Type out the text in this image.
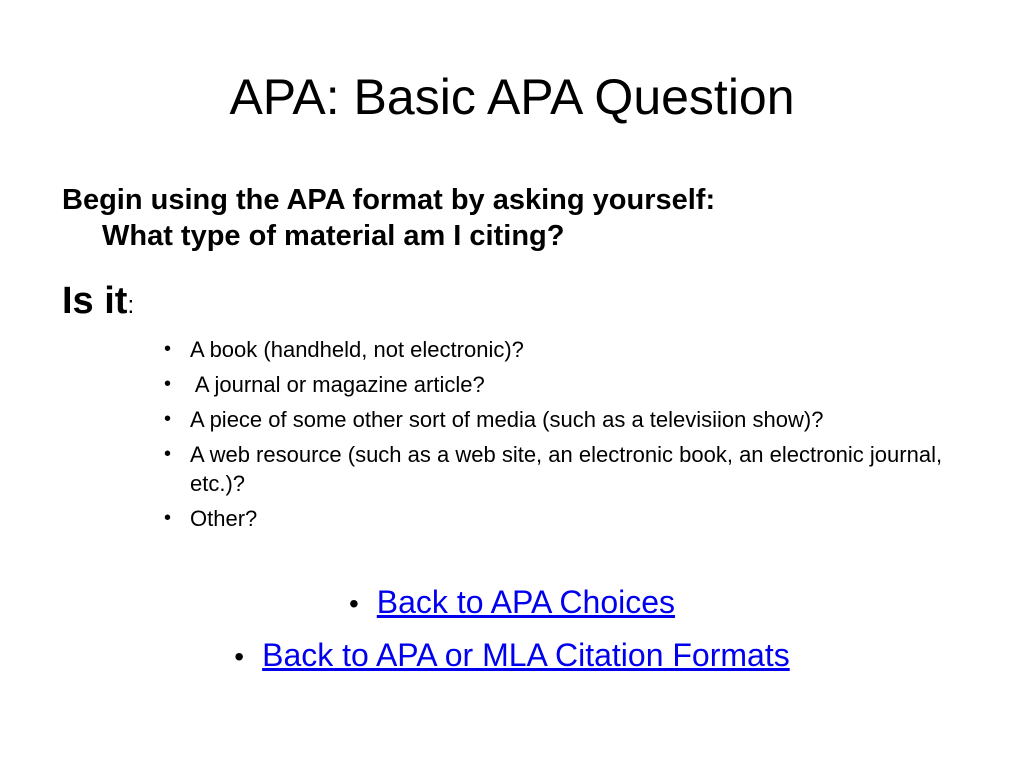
APA: Basic APA Question
Begin using the APA format by asking yourself:
What type of material am I citing?
Is it:
• A book (handheld, not electronic)?
• A journal or magazine article?
• A piece of some other sort of media (such as a televisiion show)?
• A web resource (such as a web site, an electronic book, an electronic journal, etc.)?
• Other?
• Back to APA Choices
• Back to APA or MLA Citation Formats
